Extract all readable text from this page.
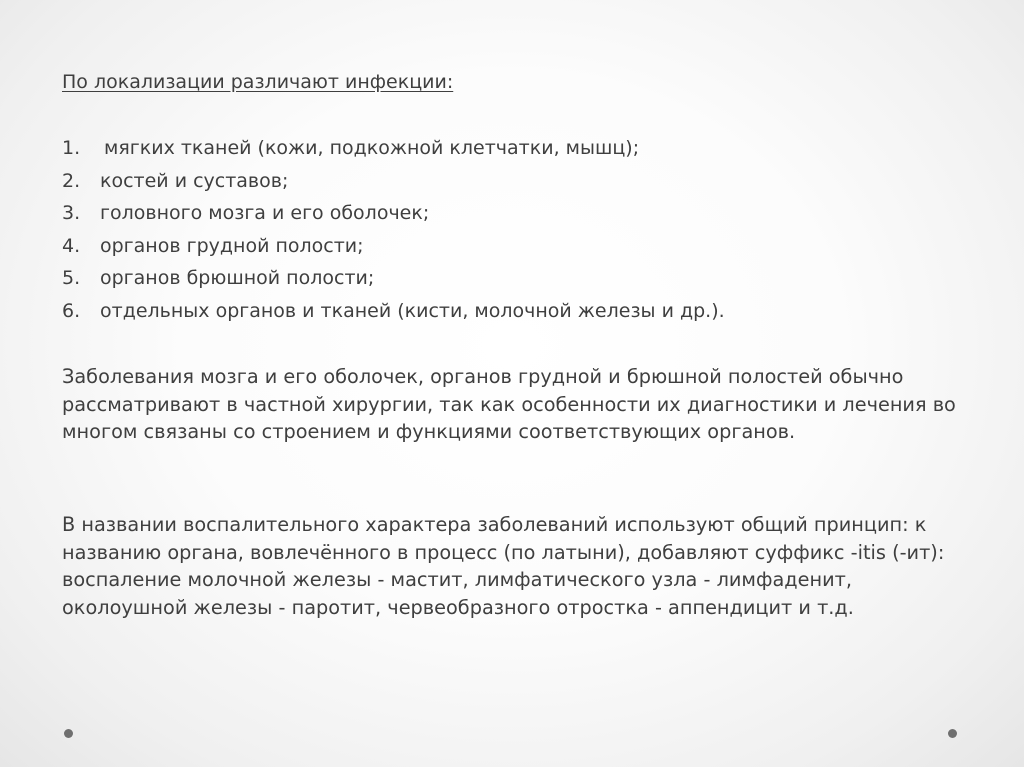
По локализации различают инфекции:
1. мягких тканей (кожи, подкожной клетчатки, мышц);
2. костей и суставов;
3. головного мозга и его оболочек;
4. органов грудной полости;
5. органов брюшной полости;
6. отдельных органов и тканей (кисти, молочной железы и др.).

Заболевания мозга и его оболочек, органов грудной и брюшной полостей обычно рассматривают в частной хирургии, так как особенности их диагностики и лечения во многом связаны со строением и функциями соответствующих органов.

В названии воспалительного характера заболеваний используют общий принцип: к названию органа, вовлечённого в процесс (по латыни), добавляют суффикс -itis (-ит): воспаление молочной железы - мастит, лимфатического узла - лимфаденит, околоушной железы - паротит, червеобразного отростка - аппендицит и т.д.
